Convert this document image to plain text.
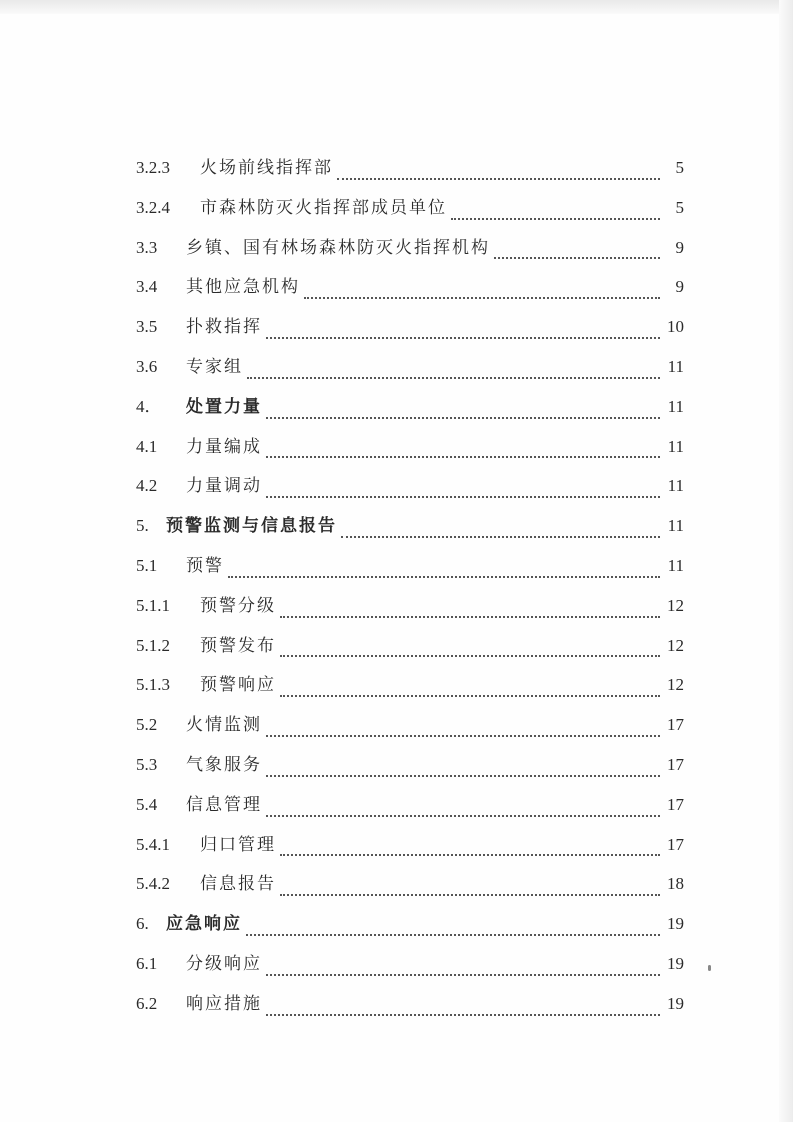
3.2.3	火场前线指挥部	5
3.2.4	市森林防灭火指挥部成员单位	5
3.3	乡镇、国有林场森林防灭火指挥机构	9
3.4	其他应急机构	9
3.5	扑救指挥	10
3.6	专家组	11
4．	处置力量	11
4.1	力量编成	11
4.2	力量调动	11
5.	预警监测与信息报告	11
5.1	预警	11
5.1.1	预警分级	12
5.1.2	预警发布	12
5.1.3	预警响应	12
5.2	火情监测	17
5.3	气象服务	17
5.4	信息管理	17
5.4.1	归口管理	17
5.4.2	信息报告	18
6.	应急响应	19
6.1	分级响应	19
6.2	响应措施	19
